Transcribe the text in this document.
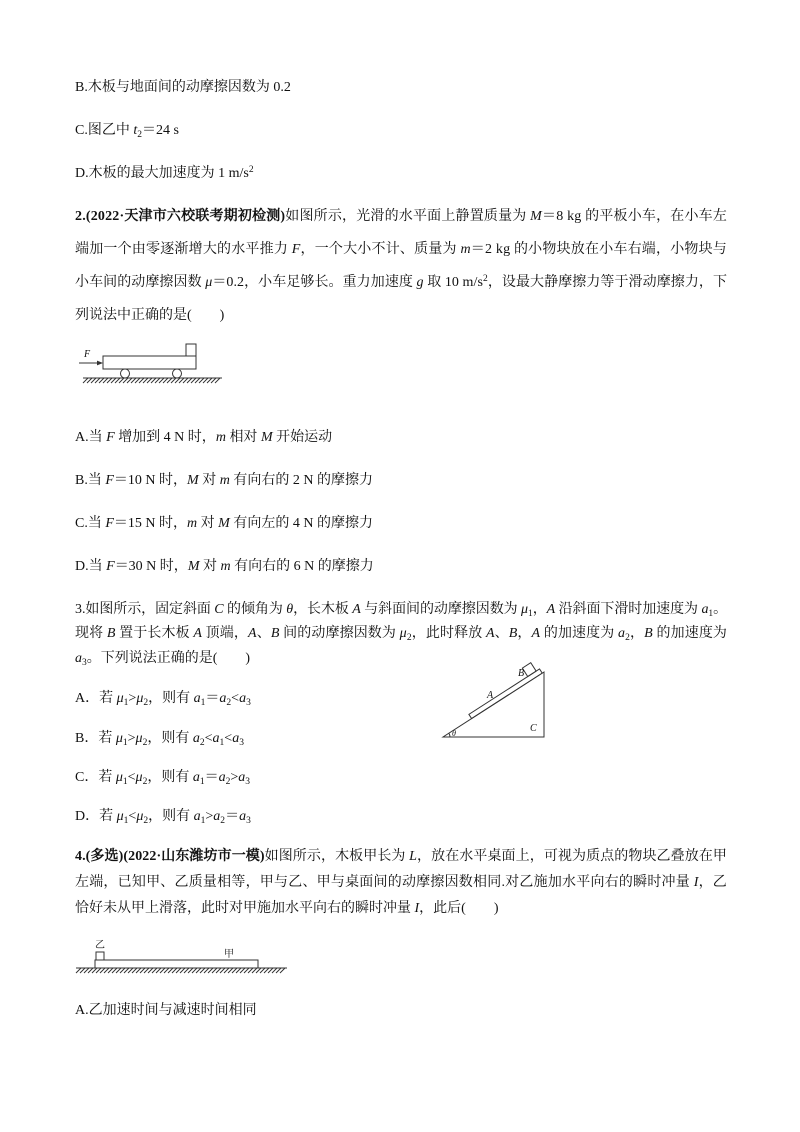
B.木板与地面间的动摩擦因数为 0.2
C.图乙中 $t_2=24$ s
D.木板的最大加速度为 1 $m/s^2$
2.(2022·天津市六校联考期初检测)如图所示，光滑的水平面上静置质量为 M＝8 kg 的平板小车，在小车左
端加一个由零逐渐增大的水平推力 F，一个大小不计、质量为 m＝2 kg 的小物块放在小车右端，小物块与
小车间的动摩擦因数 μ＝0.2，小车足够长。重力加速度 g 取 10 $m/s^2$，设最大静摩擦力等于滑动摩擦力，下
列说法中正确的是(　　)
F
A.当 F 增加到 4 N 时，m 相对 M 开始运动
B.当 F＝10 N 时，M 对 m 有向右的 2 N 的摩擦力
C.当 F＝15 N 时，m 对 M 有向左的 4 N 的摩擦力
D.当 F＝30 N 时，M 对 m 有向右的 6 N 的摩擦力
3.如图所示，固定斜面 C 的倾角为 θ，长木板 A 与斜面间的动摩擦因数为 $\mu_1$，A 沿斜面下滑时加速度为 $a_1$。
现将 B 置于长木板 A 顶端，A、B 间的动摩擦因数为 $\mu_2$，此时释放 A、B，A 的加速度为 $a_2$，B 的加速度为
$a_3$。下列说法正确的是(　　)
A．若 $\mu_1>\mu_2$，则有 $a_1=a_2<a_3$
B．若 $\mu_1>\mu_2$，则有 $a_2<a_1<a_3$
C．若 $\mu_1<\mu_2$，则有 $a_1=a_2>a_3$
D．若 $\mu_1<\mu_2$，则有 $a_1>a_2=a_3$
A
B
C
θ
4.(多选)(2022·山东潍坊市一模)如图所示，木板甲长为 L，放在水平桌面上，可视为质点的物块乙叠放在甲
左端，已知甲、乙质量相等，甲与乙、甲与桌面间的动摩擦因数相同.对乙施加水平向右的瞬时冲量 I，乙
恰好未从甲上滑落，此时对甲施加水平向右的瞬时冲量 I，此后(　　)
乙
甲
A.乙加速时间与减速时间相同
